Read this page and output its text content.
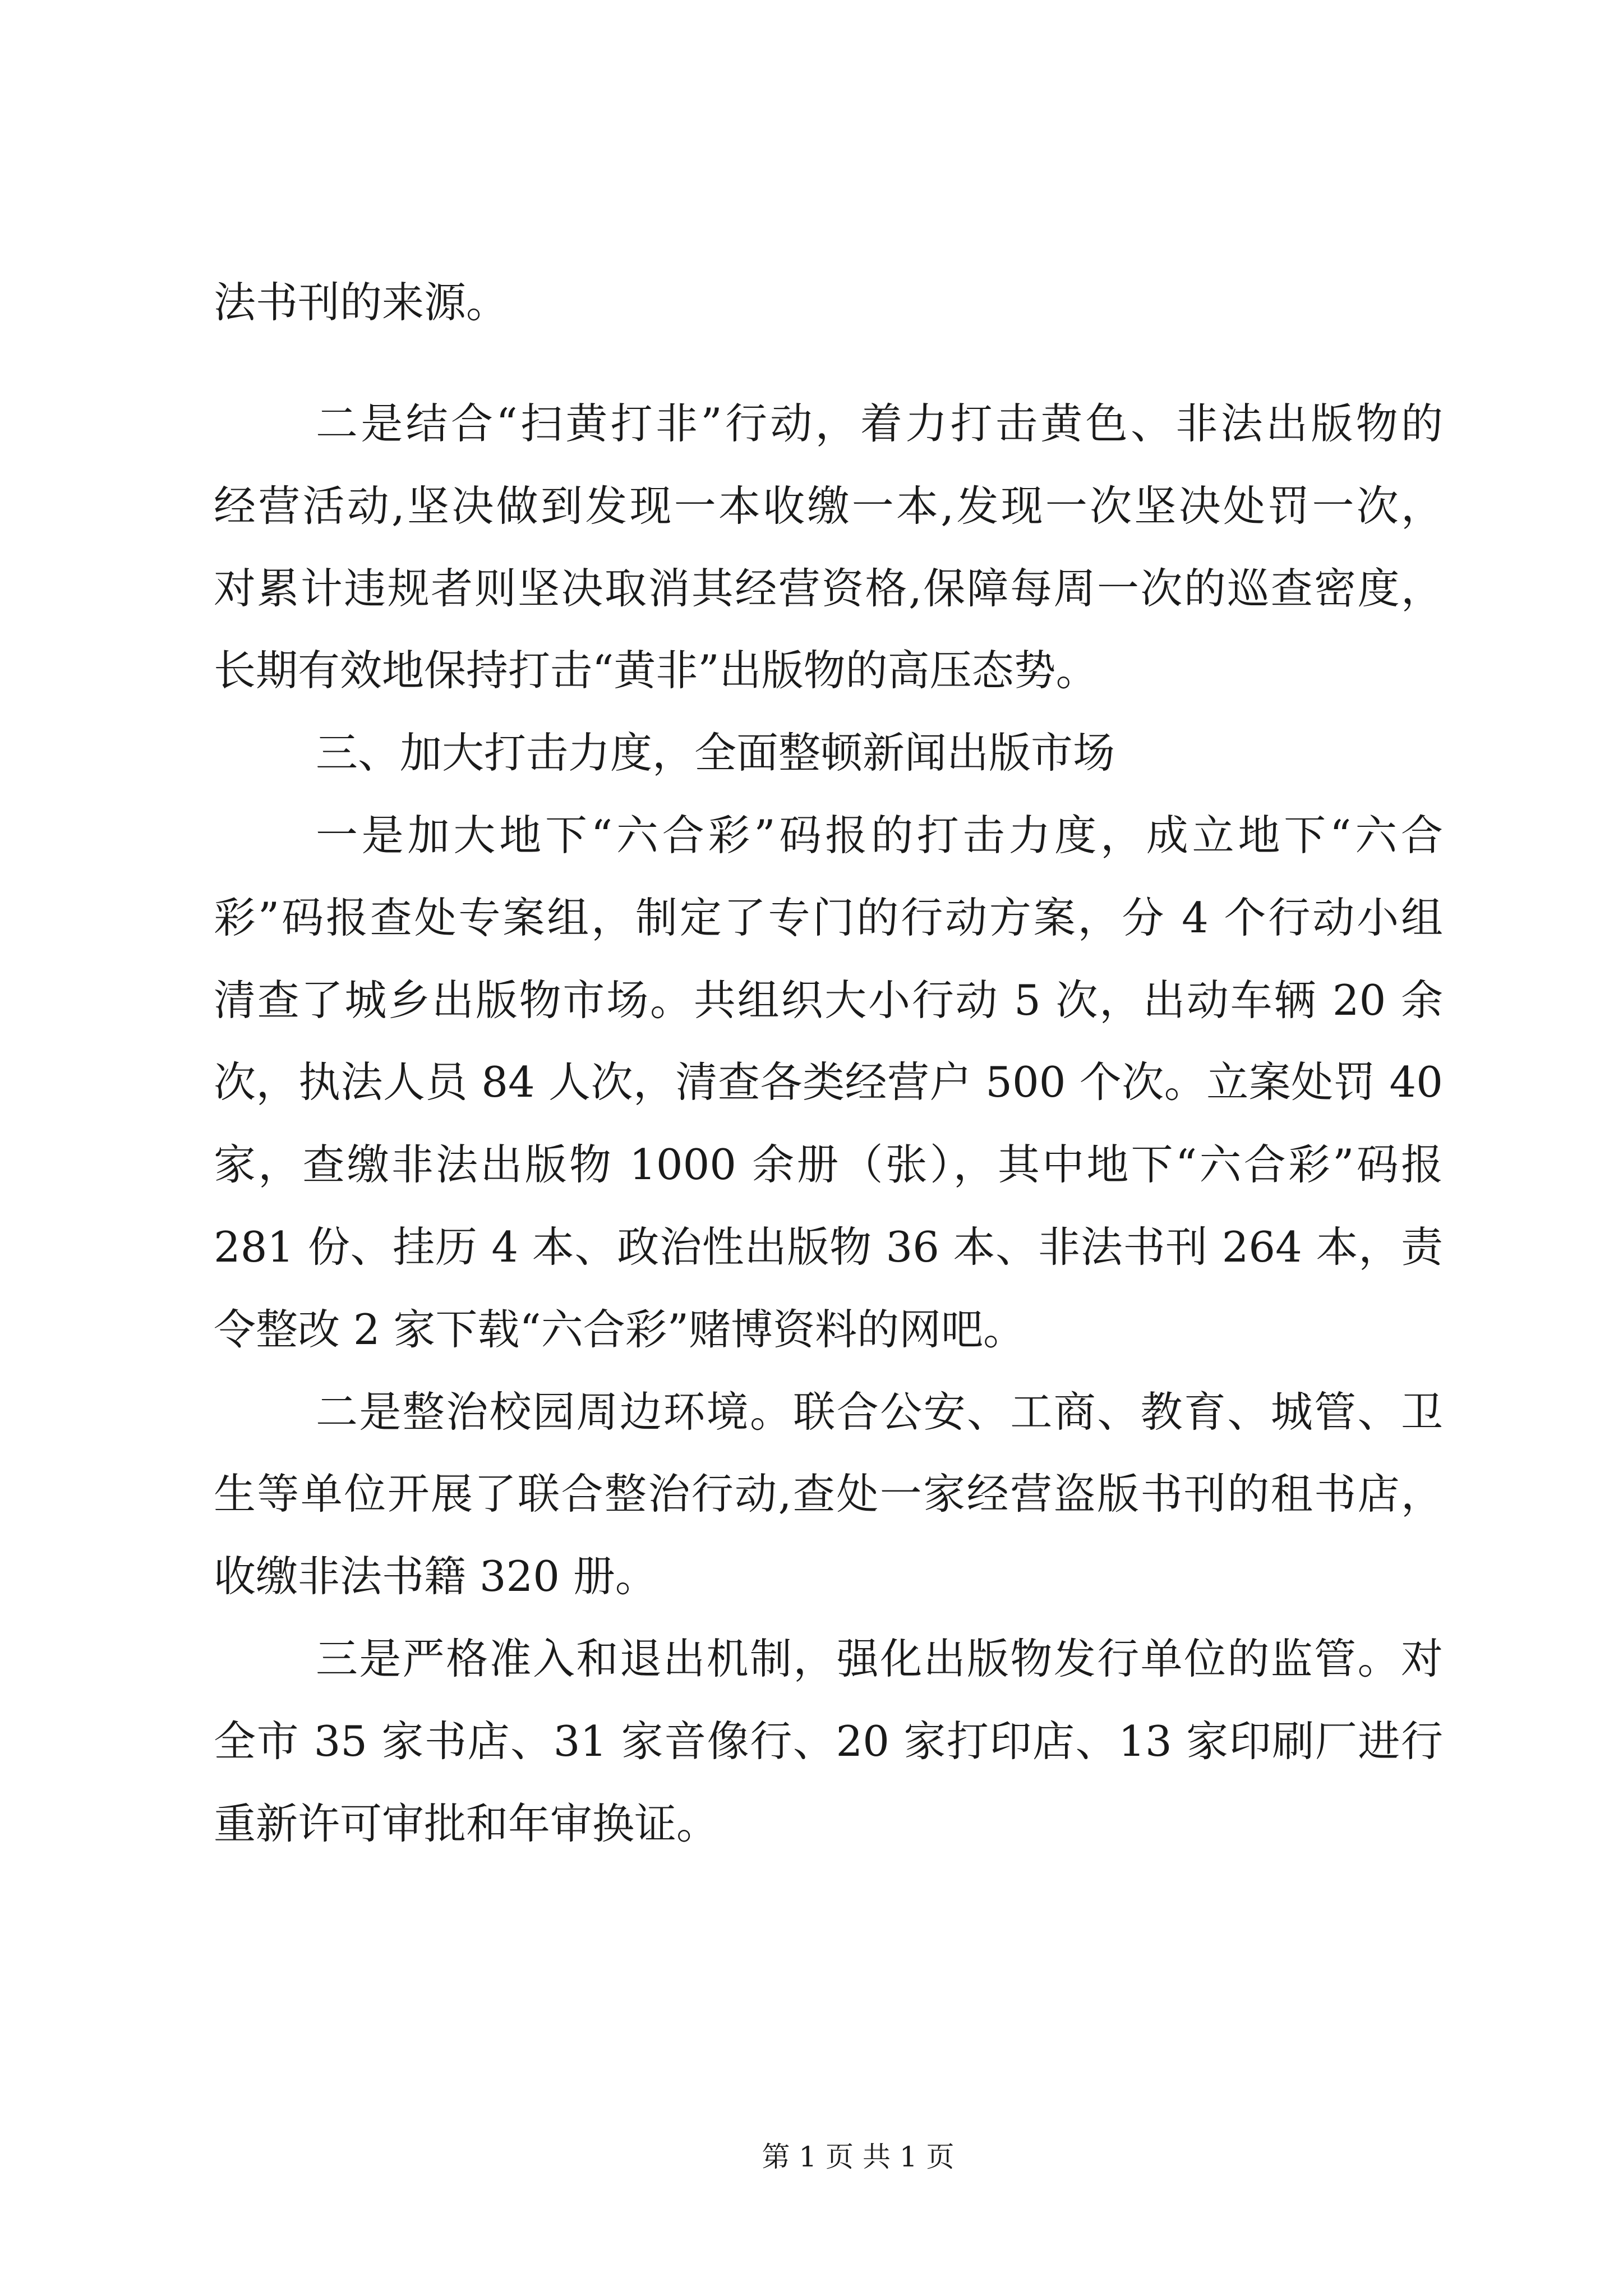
法书刊的来源。
二是结合“扫黄打非”行动，着力打击黄色、非法出版物的
经营活动,坚决做到发现一本收缴一本,发现一次坚决处罚一次，
对累计违规者则坚决取消其经营资格,保障每周一次的巡查密度，
长期有效地保持打击“黄非”出版物的高压态势。
三、加大打击力度，全面整顿新闻出版市场
一是加大地下“六合彩”码报的打击力度，成立地下“六合
彩”码报查处专案组，制定了专门的行动方案，分 4 个行动小组
清查了城乡出版物市场。共组织大小行动 5 次，出动车辆 20 余
次，执法人员 84 人次，清查各类经营户 500 个次。立案处罚 40
家，查缴非法出版物 1000 余册（张），其中地下“六合彩”码报
281 份、挂历 4 本、政治性出版物 36 本、非法书刊 264 本，责
令整改 2 家下载“六合彩”赌博资料的网吧。
二是整治校园周边环境。联合公安、工商、教育、城管、卫
生等单位开展了联合整治行动,查处一家经营盗版书刊的租书店，
收缴非法书籍 320 册。
三是严格准入和退出机制，强化出版物发行单位的监管。对
全市 35 家书店、31 家音像行、20 家打印店、13 家印刷厂进行
重新许可审批和年审换证。
第 1 页 共 1 页
